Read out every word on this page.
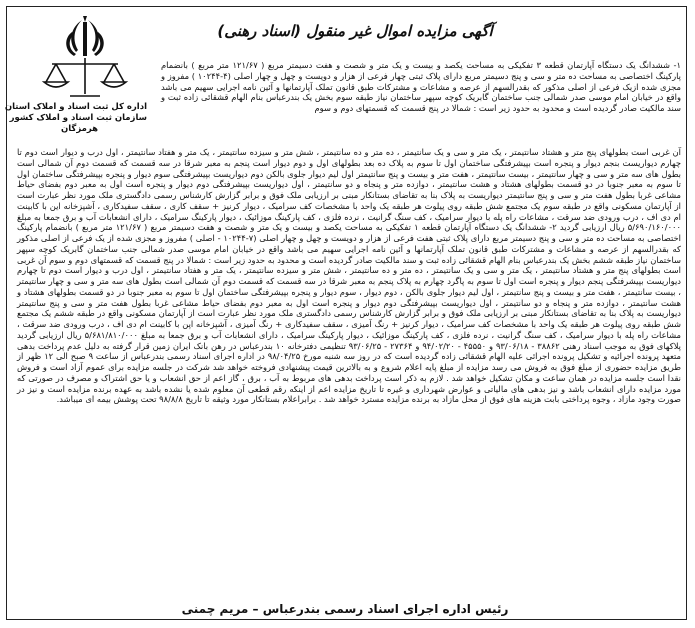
اداره کل ثبت اسناد و املاک استان
سازمان ثبت اسناد و املاک کشور
هرمزگان
آگهی مزایده اموال غیر منقول (اسناد رهنی)
۱- ششدانگ یک دستگاه آپارتمان قطعه ۳ تفکیکی به مساحت یکصد و بیست و یک متر و شصت و هفت دسیمتر مربع ( ۱۲۱/۶۷ متر مربع ) بانضمام پارکینگ اختصاصی به مساحت ده متر و سی و پنج دسیمتر مربع دارای پلاک ثبتی چهار فرعی از هزار و دویست و چهل و چهار اصلی (۴-۱۰۲۴۴ ) مفروز و مجزی شده ازیک فرعی از اصلی مذکور که بقدرالسهم از عرصه و مشاعات و مشترکات طبق قانون تملک آپارتمانها و آئین نامه اجرایی سهیم می باشد واقع در خیابان امام موسی صدر شمالی جنب ساختمان گابریک کوچه سپهر ساختمان نیاز طبقه سوم بخش یک بندرعباس بنام الهام قشقائی زاده ثبت و سند مالکیت صادر گردیده است و محدود به حدود زیر است : شمالا در پنج قسمت که قسمتهای دوم و سوم
آن غربی است بطولهای پنج متر و هشتاد سانتیمتر ، یک متر و سی و یک سانتیمتر ، ده متر و ده سانتیمتر ، شش متر و سیزده سانتیمتر ، یک متر و هفتاد سانتیمتر ، اول درب و دیوار است دوم تا چهارم دیواریست بنجم دیوار و پنجره است بپیشرفتگی ساختمان اول تا سوم به پلاک ده بعد بطولهای اول و دوم دیوار است پنجم به معبر شرقا در سه قسمت که قسمت دوم آن شمالی است بطول های سه متر و سی و چهار سانتیمتر ، بیست سانتیمتر ، هفت متر و بیست و پنج سانتیمتر اول لیم دیوار جلوی بالکن دوم دیواریست بپیشرفتگی سوم دیوار و پنجره بپیشرفتگی ساختمان اول تا سوم به معبر جنوبا در دو قسمت بطولهای هشتاد و هشت سانتیمتر ، دوازده متر و پنجاه و دو سانتیمتر ، اول دیواریست بپیشرفتگی دوم دیوار و پنجره است اول به معبر دوم بفضای حیاط مشاعی غربا بطول هفت متر و سی و پنج سانتیمتر دیواریست به پلاک بنا به تقاضای بستانکار مبنی بر ارزیابی ملک فوق و برابر گزارش کارشناس رسمی دادگستری ملک مورد نظر عبارت است از آپارتمان مسکونی واقع در طبقه سوم یک مجتمع شش طبقه روی پیلوت هر طبقه یک واحد با مشخصات کف سرامیک ، دیوار کرنیز + سقف کاری ، سقف سفیدکاری ، آشپزخانه این با کابینت ام دی اف ، درب ورودی ضد سرقت ، مشاعات راه پله با دیوار سرامیک ، کف سنگ گرانیت ، نرده فلزی ، کف پارکینگ موزائیک ، دیوار پارکینگ سرامیک ، دارای انشعابات آب و برق جمعا به مبلغ ۵/۶۹۰/۱۶۰/۰۰۰ ریال ارزیابی گردید ۲- ششدانگ یک دستگاه آپارتمان قطعه ۱ تفکیکی به مساحت یکصد و بیست و یک متر و شصت و هفت دسیمتر مربع ( ۱۲۱/۶۷ متر مربع ) بانضمام پارکینگ اختصاصی به مساحت ده متر و سی و پنج دسیمتر مربع دارای پلاک ثبتی هفت فرعی از هزار و دویست و چهل و چهار اصلی (۷-۱۰۲۴۴ - اصلی ) مفروز و مجزی شده از یک فرعی از اصلی مذکور که بقدرالسهم از عرصه و مشاعات و مشترکات طبق قانون تملک آپارتمانها و آئین نامه اجرایی سهیم می باشد واقع در خیابان امام موسی صدر شمالی جنب ساختمان گابریک کوچه سپهر ساختمان نیاز طبقه ششم بخش یک بندرعباس بنام الهام قشقائی زاده ثبت و سند مالکیت صادر گردیده است و محدود به حدود زیر است : شمالا در پنج قسمت که قسمتهای دوم و سوم آن غربی است بطولهای پنج متر و هشتاد سانتیمتر ، یک متر و سی و یک سانتیمتر ، ده متر و ده سانتیمتر ، شش متر و سیزده سانتیمتر ، یک متر و هفتاد سانتیمتر ، اول درب و دیوار است دوم تا چهارم دیواریست بپیشرفتگی پنجم دیوار و پنجره است اول تا سوم به پاگرد چهارم به پلاک پنجم به معبر شرقا در سه قسمت که قسمت دوم آن شمالی است بطول های سه متر و سی و چهار سانتیمتر ، بیست سانتیمتر ، هفت متر و بیست و پنج سانتیمتر ، اول لیم دیوار جلوی بالکن ، دوم دیوار ، سوم دیوار و پنجره بپیشرفتگی ساختمان اول تا سوم به معبر جنوبا در دو قسمت بطولهای هشتاد و هشت سانتیمتر ، دوازده متر و پنجاه و دو سانتیمتر ، اول دیواریست بپیشرفتگی دوم دیوار و پنجره است اول به معبر دوم بفضای حیاط مشاعی غربا بطول هفت متر و سی و پنج سانتیمتر دیواریست به پلاک بنا به تقاضای بستانکار مبنی بر ارزیابی ملک فوق و برابر گزارش کارشناس رسمی دادگستری ملک مورد نظر عبارت است از آپارتمان مسکونی واقع در طبقه ششم یک مجتمع شش طبقه روی پیلوت هر طبقه یک واحد با مشخصات کف سرامیک ، دیوار کرنیز + رنگ آمیزی ، سقف سفیدکاری + رنگ آمیزی ، آشپزخانه اپن با کابینت ام دی اف ، درب ورودی ضد سرقت ، مشاعات راه پله با دیوار سرامیک ، کف سنگ گرانیت ، نرده فلزی ، کف پارکینگ موزائیک ، دیوار پارکینگ سرامیک ، دارای انشعابات آب و برق جمعا به مبلغ ۵/۶۸۱/۸۱۰/۰۰۰ ریال ارزیابی گردید پلاکهای فوق به موجب اسناد رهنی ۳۸۸۶۲ - ۹۳/۰۶/۱۸ و ۴۵۵۵۰ - ۹۴/۰۲/۲۰ و ۲۷۳۶۴ - ۹۳/۰۶/۲۵ تنظیمی دفترخانه ۱۰ بندرعباس در رهن بانک ایران زمین قرار گرفته به دلیل عدم پرداخت بدهی متعهد پرونده اجرائیه و تشکیل پرونده اجرائی علیه الهام قشقائی زاده گردیده است که در روز سه شنبه مورخ ۹۸/۰۴/۲۵ در اداره اجرای اسناد رسمی بندرعباس از ساعت ۹ صبح الی ۱۲ ظهر از طریق مزایده حضوری از مبلغ فوق به فروش می رسد مزایده از مبلغ پایه اعلام شروع و به بالاترین قیمت پیشنهادی فروخته خواهد شد شرکت در جلسه مزایده برای عموم آزاد است و فروش نقدا است جلسه مزایده در همان ساعت و مکان تشکیل خواهد شد . لازم به ذکر است پرداخت بدهی های مربوط به آب ، برق ، گاز اعم از حق انشعاب و یا حق اشتراک و مصرف در صورتی که مورد مزایده دارای انشعاب باشد و نیز بدهی های مالیاتی و عوارض شهرداری و غیره تا تاریخ مزایده اعم از اینکه رقم قطعی آن معلوم شده یا نشده باشد به عهده برنده مزایده است و نیز در صورت وجود مازاد ، وجوه پرداختی بابت هزینه های فوق از محل مازاد به برنده مزایده مسترد خواهد شد . برابراعلام بستانکار مورد وثیقه تا تاریخ ۹۸/۸/۸ تحت پوشش بیمه ای میباشد.
رئیس اداره اجرای اسناد رسمی بندرعباس – مریم چمنی
